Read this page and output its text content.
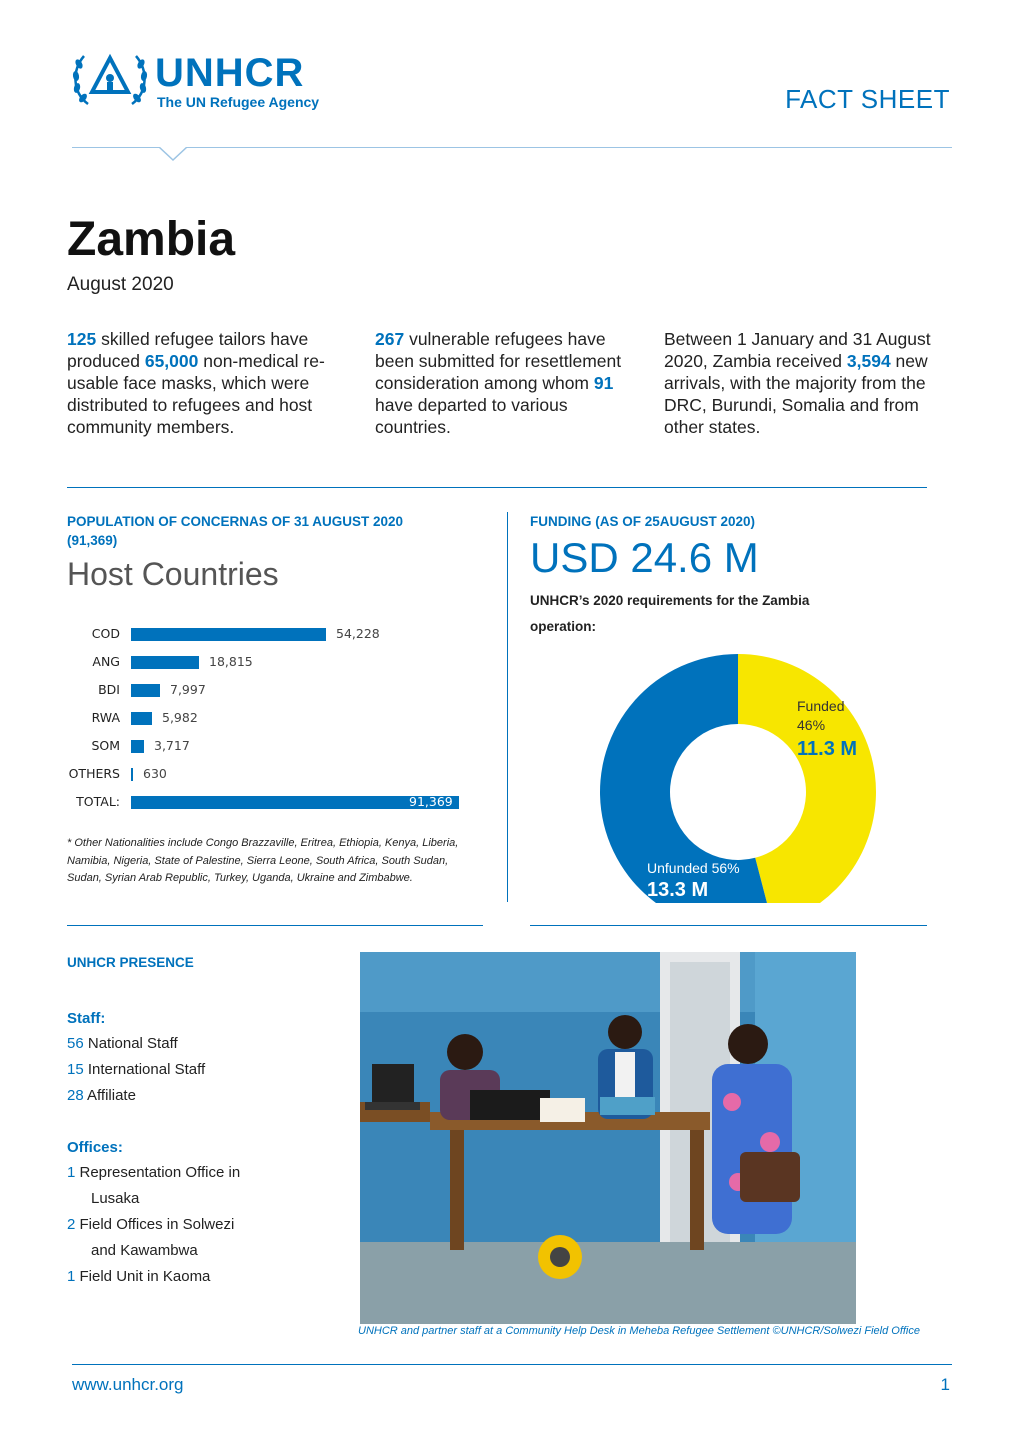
UNHCR
The UN Refugee Agency	FACT SHEET
Zambia
August 2020
125 skilled refugee tailors have produced 65,000 non-medical re-usable face masks, which were distributed to refugees and host community members.
267 vulnerable refugees have been submitted for resettlement consideration among whom 91 have departed to various countries.
Between 1 January and 31 August 2020, Zambia received 3,594 new arrivals, with the majority from the DRC, Burundi, Somalia and from other states.
POPULATION OF CONCERNAS OF 31 AUGUST 2020
(91,369)
Host Countries
COD	54,228
ANG	18,815
BDI	7,997
RWA	5,982
SOM	3,717
OTHERS 630
TOTAL:	91,369
* Other Nationalities include Congo Brazzaville, Eritrea, Ethiopia, Kenya, Liberia, Namibia, Nigeria, State of Palestine, Sierra Leone, South Africa, South Sudan, Sudan, Syrian Arab Republic, Turkey, Uganda, Ukraine and Zimbabwe.
FUNDING (AS OF 25AUGUST 2020)
USD 24.6 M
UNHCR’s 2020 requirements for the Zambia operation:
Funded
46%
11.3 M
Unfunded 56%
13.3 M
UNHCR PRESENCE
Staff:
56 National Staff
15 International Staff
28 Affiliate
Offices:
1 Representation Office in
Lusaka
2 Field Offices in Solwezi
and Kawambwa
1 Field Unit in Kaoma
UNHCR and partner staff at a Community Help Desk in Meheba Refugee Settlement ©UNHCR/Solwezi Field Office
www.unhcr.org	1
